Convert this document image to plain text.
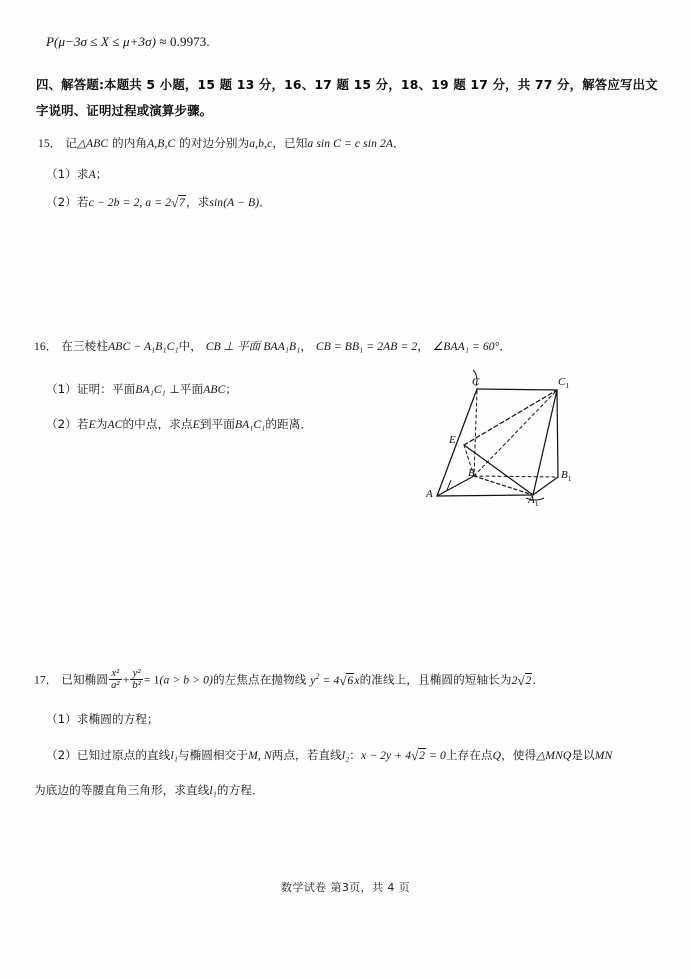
P(μ−3σ ≤ X ≤ μ+3σ) ≈ 0.9973.
四、解答题:本题共 5 小题，15 题 13 分，16、17 题 15 分，18、19 题 17 分，共 77 分，解答应写出文字说明、证明过程或演算步骤。
15． 记△ABC 的内角A,B,C 的对边分别为a,b,c，已知a sin C = c sin 2A．
（1）求A；
（2）若c − 2b = 2, a = 2 √ 7，求sin(A − B)．
16． 在三棱柱ABC − A₁B₁C₁中， CB ⊥ 平面 BAA₁B₁， CB = BB₁ = 2AB = 2， ∠BAA₁ = 60°．
（1）证明：平面BA₁C₁ ⊥平面ABC；
（2）若E为AC的中点，求点E到平面BA₁C₁的距离．
C	$C_1$
E
B	$B_1$
A	$A_1$
17． 已知椭圆 $\frac{\text{x²}}{\text{a²}} + \frac{\text{y²}}{\text{b²}} = 1(a > b > 0)$的左焦点在抛物线 $y^2 = 4$ √ 6x的准线上，且椭圆的短轴长为2 √ 2．
（1）求椭圆的方程；
（2）已知过原点的直线l₁与椭圆相交于M, N两点，若直线l₂：x − 2y + 4 √ 2 = 0上存在点Q，使得△MNQ是以MN
为底边的等腰直角三角形，求直线l₁的方程．
数学试卷 第3页，共 4 页
